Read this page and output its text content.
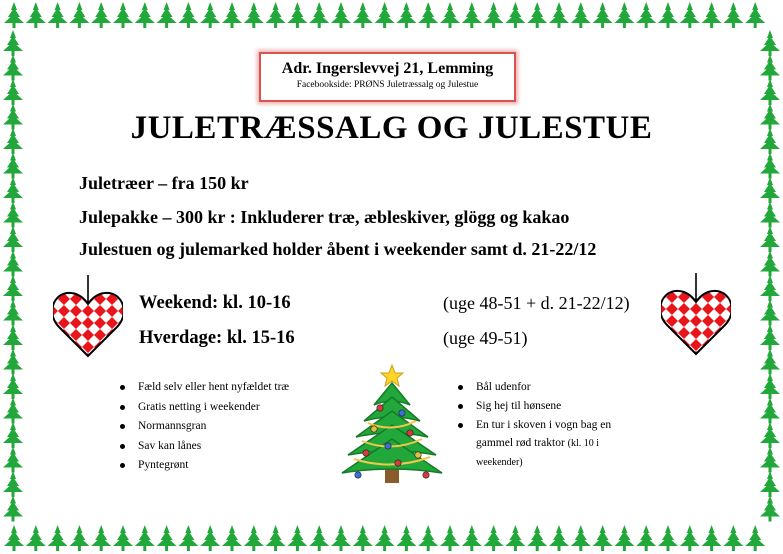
Adr. Ingerslevvej 21, Lemming
Facebookside: PRØNS Juletræssalg og Julestue
JULETRÆSSALG OG JULESTUE
Juletræer – fra 150 kr
Julepakke – 300 kr : Inkluderer træ, æbleskiver, glögg og kakao
Julestuen og julemarked holder åbent i weekender samt d. 21-22/12
Weekend: kl. 10-16	(uge 48-51 + d. 21-22/12)
Hverdage: kl. 15-16	(uge 49-51)
Fæld selv eller hent nyfældet træ
Gratis netting i weekender
Normannsgran
Sav kan lånes
Pyntegrønt
Bål udenfor
Sig hej til hønsene
En tur i skoven i vogn bag en
gammel rød traktor (kl. 10 i
weekender)
